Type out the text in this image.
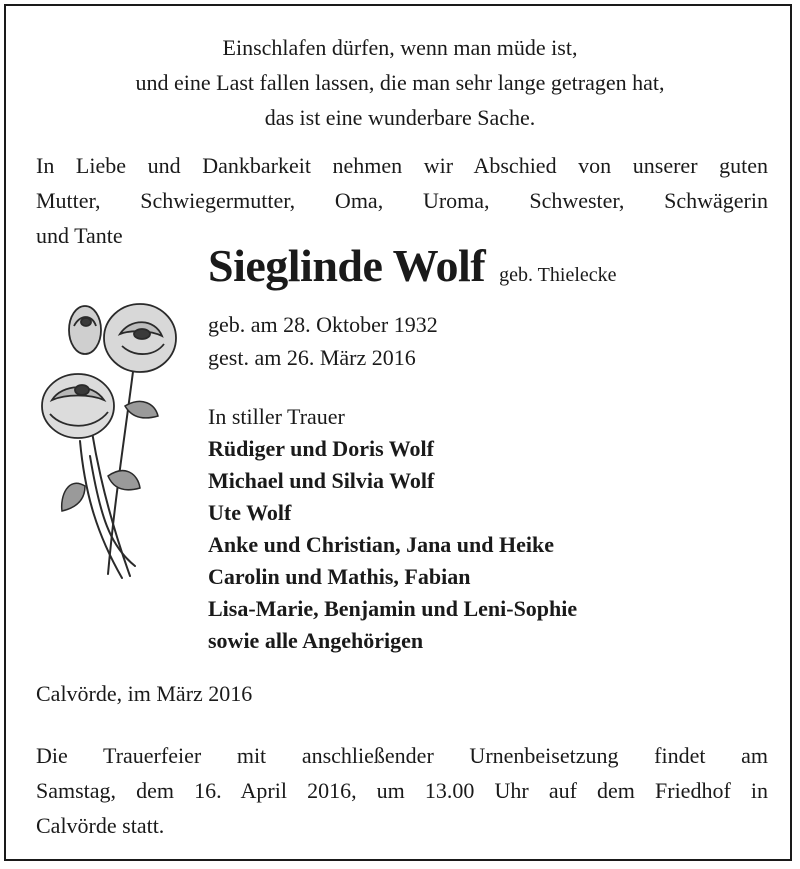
Einschlafen dürfen, wenn man müde ist,
und eine Last fallen lassen, die man sehr lange getragen hat,
das ist eine wunderbare Sache.
In Liebe und Dankbarkeit nehmen wir Abschied von unserer guten
Mutter, Schwiegermutter, Oma, Uroma, Schwester, Schwägerin
und Tante
Sieglinde Wolf geb. Thielecke
geb. am 28. Oktober 1932
gest. am 26. März 2016
In stiller Trauer
Rüdiger und Doris Wolf
Michael und Silvia Wolf
Ute Wolf
Anke und Christian, Jana und Heike
Carolin und Mathis, Fabian
Lisa-Marie, Benjamin und Leni-Sophie
sowie alle Angehörigen
Calvörde, im März 2016
Die Trauerfeier mit anschließender Urnenbeisetzung findet am
Samstag, dem 16. April 2016, um 13.00 Uhr auf dem Friedhof in
Calvörde statt.
